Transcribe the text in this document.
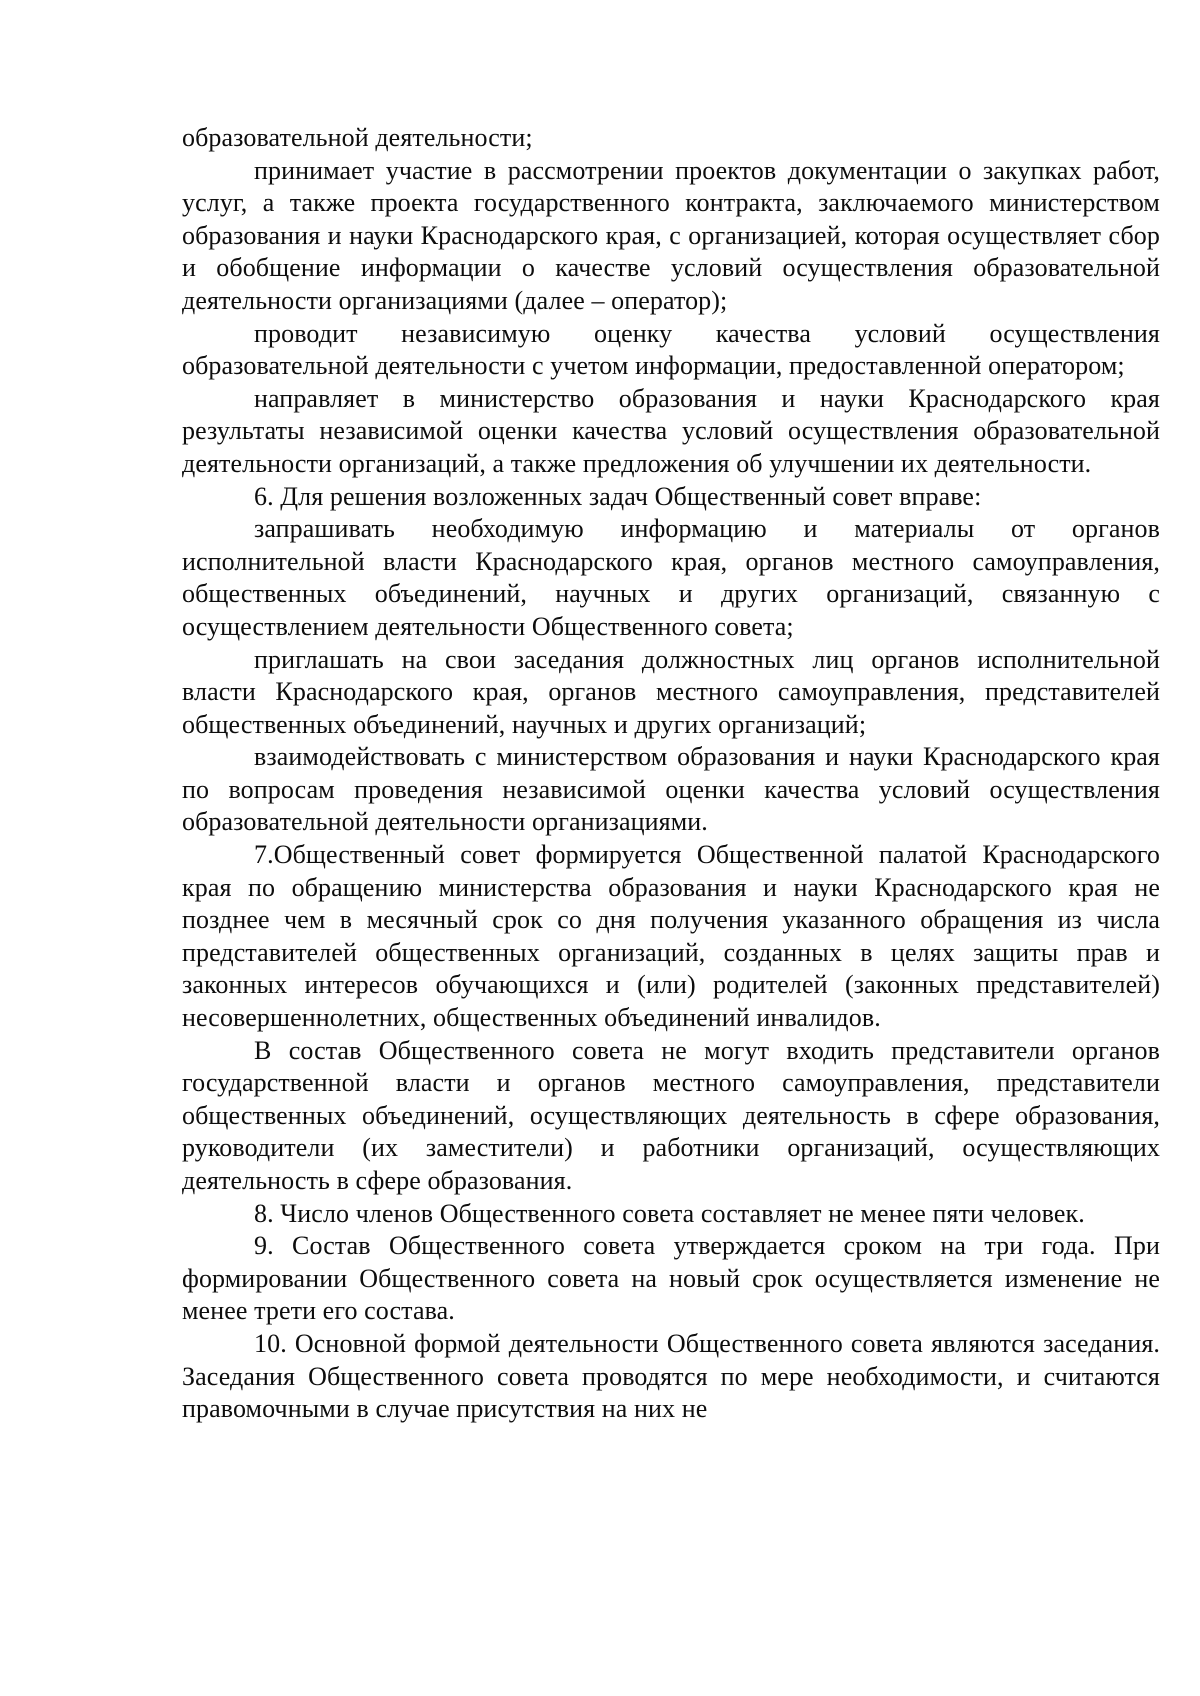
образовательной деятельности;

принимает участие в рассмотрении проектов документации о закупках работ, услуг, а также проекта государственного контракта, заключаемого министерством образования и науки Краснодарского края, с организацией, которая осуществляет сбор и обобщение информации о качестве условий осуществления образовательной деятельности организациями (далее – оператор);

проводит независимую оценку качества условий осуществления образовательной деятельности с учетом информации, предоставленной оператором;

направляет в министерство образования и науки Краснодарского края результаты независимой оценки качества условий осуществления образовательной деятельности организаций, а также предложения об улучшении их деятельности.

6. Для решения возложенных задач Общественный совет вправе:

запрашивать необходимую информацию и материалы от органов исполнительной власти Краснодарского края, органов местного самоуправления, общественных объединений, научных и других организаций, связанную с осуществлением деятельности Общественного совета;

приглашать на свои заседания должностных лиц органов исполнительной власти Краснодарского края, органов местного самоуправления, представителей общественных объединений, научных и других организаций;

взаимодействовать с министерством образования и науки Краснодарского края по вопросам проведения независимой оценки качества условий осуществления образовательной деятельности организациями.

7.Общественный совет формируется Общественной палатой Краснодарского края по обращению министерства образования и науки Краснодарского края не позднее чем в месячный срок со дня получения указанного обращения из числа представителей общественных организаций, созданных в целях защиты прав и законных интересов обучающихся и (или) родителей (законных представителей) несовершеннолетних, общественных объединений инвалидов.

В состав Общественного совета не могут входить представители органов государственной власти и органов местного самоуправления, представители общественных объединений, осуществляющих деятельность в сфере образования, руководители (их заместители) и работники организаций, осуществляющих деятельность в сфере образования.

8. Число членов Общественного совета составляет не менее пяти человек.

9. Состав Общественного совета утверждается сроком на три года. При формировании Общественного совета на новый срок осуществляется изменение не менее трети его состава.

10. Основной формой деятельности Общественного совета являются заседания. Заседания Общественного совета проводятся по мере необходимости, и считаются правомочными в случае присутствия на них не
